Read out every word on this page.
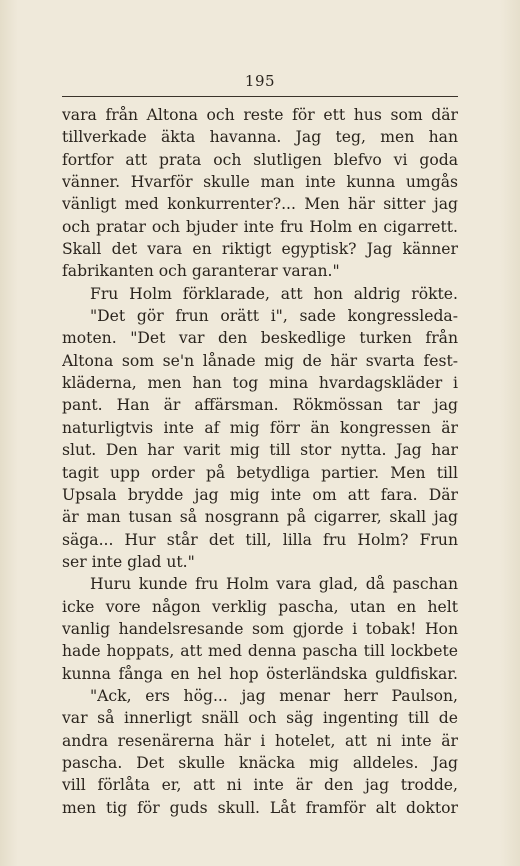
195
vara från Altona och reste för ett hus som där
tillverkade äkta havanna. Jag teg, men han
fortfor att prata och slutligen blefvo vi goda
vänner. Hvarför skulle man inte kunna umgås
vänligt med konkurrenter?... Men här sitter jag
och pratar och bjuder inte fru Holm en cigarrett.
Skall det vara en riktigt egyptisk? Jag känner
fabrikanten och garanterar varan."
Fru Holm förklarade, att hon aldrig rökte.
"Det gör frun orätt i", sade kongressleda-
moten. "Det var den beskedlige turken från
Altona som se'n lånade mig de här svarta fest-
kläderna, men han tog mina hvardagskläder i
pant. Han är affärsman. Rökmössan tar jag
naturligtvis inte af mig förr än kongressen är
slut. Den har varit mig till stor nytta. Jag har
tagit upp order på betydliga partier. Men till
Upsala brydde jag mig inte om att fara. Där
är man tusan så nosgrann på cigarrer, skall jag
säga... Hur står det till, lilla fru Holm? Frun
ser inte glad ut."
Huru kunde fru Holm vara glad, då paschan
icke vore någon verklig pascha, utan en helt
vanlig handelsresande som gjorde i tobak! Hon
hade hoppats, att med denna pascha till lockbete
kunna fånga en hel hop österländska guldfiskar.
"Ack, ers hög... jag menar herr Paulson,
var så innerligt snäll och säg ingenting till de
andra resenärerna här i hotelet, att ni inte är
pascha. Det skulle knäcka mig alldeles. Jag
vill förlåta er, att ni inte är den jag trodde,
men tig för guds skull. Låt framför alt doktor
